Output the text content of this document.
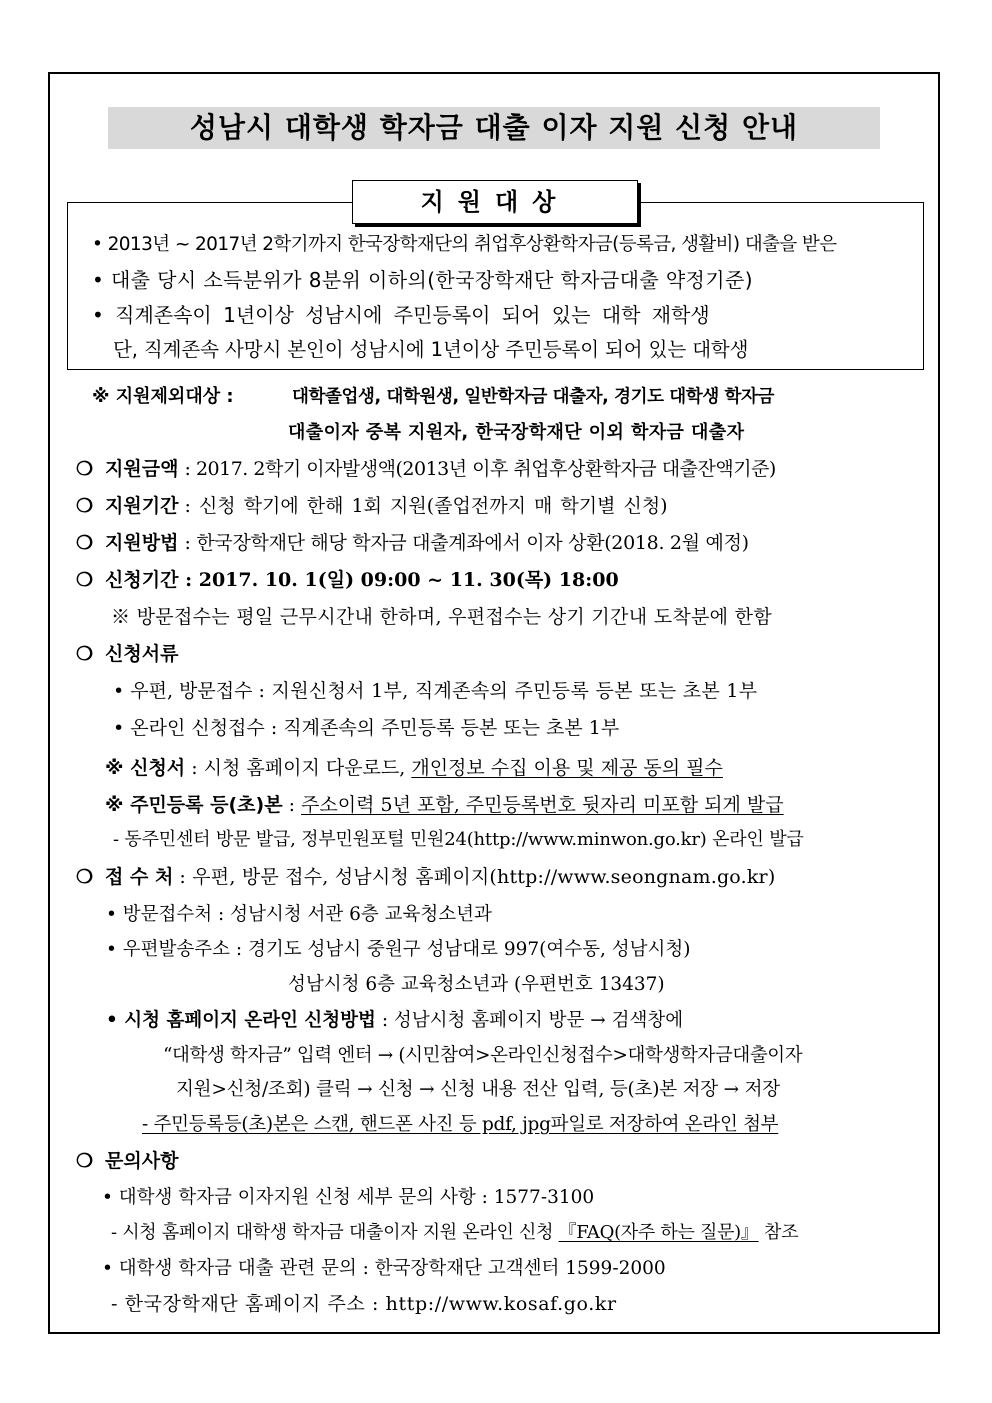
성남시 대학생 학자금 대출 이자 지원 신청 안내
지원대상
• 2013년 ~ 2017년 2학기까지 한국장학재단의 취업후상환학자금(등록금, 생활비) 대출을 받은
• 대출 당시 소득분위가 8분위 이하의(한국장학재단 학자금대출 약정기준)
• 직계존속이 1년이상 성남시에 주민등록이 되어 있는 대학 재학생
단, 직계존속 사망시 본인이 성남시에 1년이상 주민등록이 되어 있는 대학생
※ 지원제외대상 :	대학졸업생, 대학원생, 일반학자금 대출자, 경기도 대학생 학자금
대출이자 중복 지원자, 한국장학재단 이외 학자금 대출자
❍ 지원금액 : 2017. 2학기 이자발생액(2013년 이후 취업후상환학자금 대출잔액기준)
❍ 지원기간 : 신청 학기에 한해 1회 지원(졸업전까지 매 학기별 신청)
❍ 지원방법 : 한국장학재단 해당 학자금 대출계좌에서 이자 상환(2018. 2월 예정)
❍ 신청기간 : 2017. 10. 1(일) 09:00 ~ 11. 30(목) 18:00
※ 방문접수는 평일 근무시간내 한하며, 우편접수는 상기 기간내 도착분에 한함
❍ 신청서류
• 우편, 방문접수 : 지원신청서 1부, 직계존속의 주민등록 등본 또는 초본 1부
• 온라인 신청접수 : 직계존속의 주민등록 등본 또는 초본 1부
※ 신청서 : 시청 홈페이지 다운로드, 개인정보 수집 이용 및 제공 동의 필수
※ 주민등록 등(초)본 : 주소이력 5년 포함, 주민등록번호 뒷자리 미포함 되게 발급
- 동주민센터 방문 발급, 정부민원포털 민원24(http://www.minwon.go.kr) 온라인 발급
❍ 접 수 처 : 우편, 방문 접수, 성남시청 홈페이지(http://www.seongnam.go.kr)
• 방문접수처 : 성남시청 서관 6층 교육청소년과
• 우편발송주소 : 경기도 성남시 중원구 성남대로 997(여수동, 성남시청)
성남시청 6층 교육청소년과 (우편번호 13437)
• 시청 홈페이지 온라인 신청방법 : 성남시청 홈페이지 방문 → 검색창에
“대학생 학자금” 입력 엔터 → (시민참여>온라인신청접수>대학생학자금대출이자
지원>신청/조회) 클릭 → 신청 → 신청 내용 전산 입력, 등(초)본 저장 → 저장
- 주민등록등(초)본은 스캔, 핸드폰 사진 등 pdf, jpg파일로 저장하여 온라인 첨부
❍ 문의사항
• 대학생 학자금 이자지원 신청 세부 문의 사항 : 1577-3100
- 시청 홈페이지 대학생 학자금 대출이자 지원 온라인 신청 『FAQ(자주 하는 질문)』 참조
• 대학생 학자금 대출 관련 문의 : 한국장학재단 고객센터 1599-2000
- 한국장학재단 홈페이지 주소 : http://www.kosaf.go.kr
